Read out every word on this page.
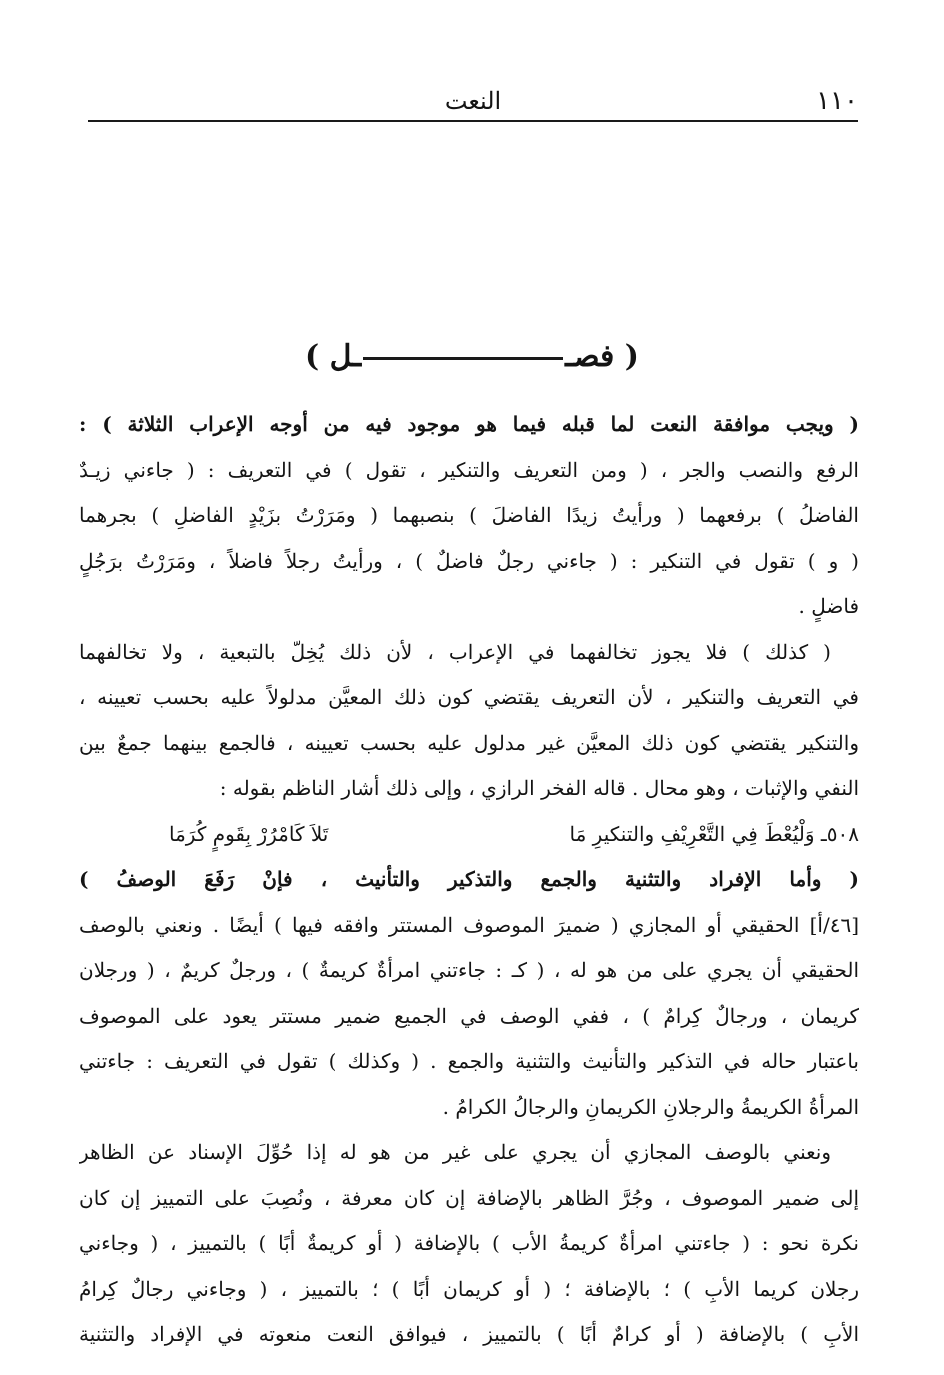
١١٠
النعت
( فصــل )
( ويجب موافقة النعت لما قبله فيما هو موجود فيه من أوجه الإعراب الثلاثة ) :
الرفع والنصب والجر ، ( ومن التعريف والتنكير ، تقول ) في التعريف : ( جاءني زيـدٌ
الفاضلُ ) برفعهما ( ورأيتُ زيدًا الفاضلَ ) بنصبهما ( ومَرَرْتُ بزَيْدٍ الفاضلِ ) بجرهما
( و ) تقول في التنكير : ( جاءني رجلٌ فاضلٌ ) ، ورأيتُ رجلاً فاضلاً ، ومَرَرْتُ برَجُلٍ
فاضلٍ .
( كذلك ) فلا يجوز تخالفهما في الإعراب ، لأن ذلك يُخِلّ بالتبعية ، ولا تخالفهما
في التعريف والتنكير ، لأن التعريف يقتضي كون ذلك المعيَّن مدلولاً عليه بحسب تعيينه ،
والتنكير يقتضي كون ذلك المعيَّن غير مدلول عليه بحسب تعيينه ، فالجمع بينهما جمعٌ بين
النفي والإثبات ، وهو محال . قاله الفخر الرازي ، وإلى ذلك أشار الناظم بقوله :
٥٠٨ـ وَلْيُعْطَ فِي التَّعْرِيْفِ والتنكيرِ مَا
تَلاَ كَامْرُرْ بِقَومٍ كُرَمَا
( وأما الإفراد والتثنية والجمع والتذكير والتأنيث ، فإنْ رَفَعَ الوصفُ )
[٤٦/أ] الحقيقي أو المجازي ( ضميرَ الموصوف المستتر وافقه فيها ) أيضًا . ونعني بالوصف
الحقيقي أن يجري على من هو له ، ( كـ : جاءتني امرأةٌ كريمةٌ ) ، ورجلٌ كريمٌ ، ( ورجلان
كريمان ، ورجالٌ كِرامٌ ) ، ففي الوصف في الجميع ضمير مستتر يعود على الموصوف
باعتبار حاله في التذكير والتأنيث والتثنية والجمع . ( وكذلك ) تقول في التعريف : جاءتني
المرأةُ الكريمةُ والرجلانِ الكريمانِ والرجالُ الكرامُ .
ونعني بالوصف المجازي أن يجري على غير من هو له إذا حُوِّلَ الإسناد عن الظاهر
إلى ضمير الموصوف ، وجُرَّ الظاهر بالإضافة إن كان معرفة ، ونُصِبَ على التمييز إن كان
نكرة نحو : ( جاءتني امرأةٌ كريمةُ الأب ) بالإضافة ( أو كريمةٌ أبًا ) بالتمييز ، ( وجاءني
رجلان كريما الأبِ ) ؛ بالإضافة ؛ ( أو كريمان أبًا ) ؛ بالتمييز ، ( وجاءني رجالٌ كِرامُ
الأبِ ) بالإضافة ( أو كرامٌ أبًا ) بالتمييز ، فيوافق النعت منعوته في الإفراد والتثنية
